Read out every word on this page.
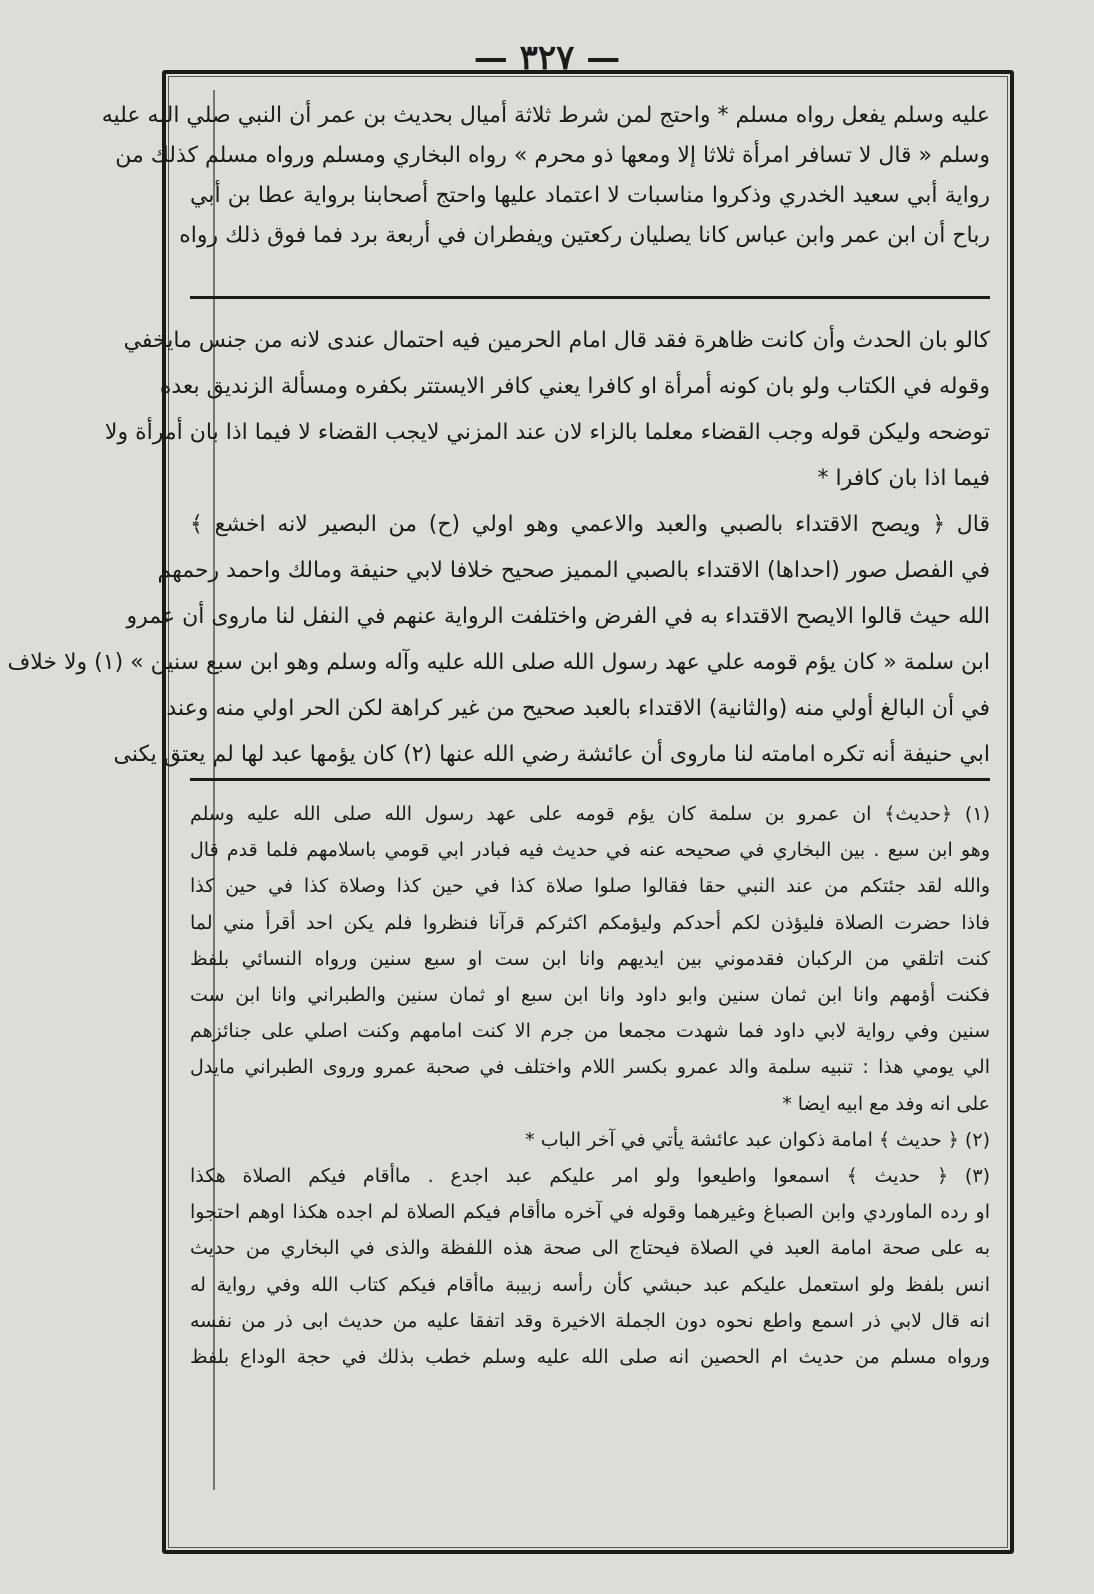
— ٣٢٧ —

عليه وسلم يفعل رواه مسلم * واحتج لمن شرط ثلاثة أميال بحديث بن عمر أن النبي صلي الله عليه

وسلم « قال لا تسافر امرأة ثلاثا إلا ومعها ذو محرم » رواه البخاري ومسلم ورواه مسلم كذلك من

رواية أبي سعيد الخدري وذكروا مناسبات لا اعتماد عليها واحتج أصحابنا برواية عطا بن أبي

رباح أن ابن عمر وابن عباس كانا يصليان ركعتين ويفطران في أربعة برد فما فوق ذلك رواه

كالو بان الحدث وأن كانت ظاهرة فقد قال امام الحرمين فيه احتمال عندى لانه من جنس مايخفي

وقوله في الكتاب ولو بان كونه أمرأة او كافرا يعني كافر الايستتر بكفره ومسألة الزنديق بعده

توضحه وليكن قوله وجب القضاء معلما بالزاء لان عند المزني لايجب القضاء لا فيما اذا بان أمرأة ولا

فيما اذا بان كافرا *

قال ﴿ ويصح الاقتداء بالصبي والعبد والاعمي وهو اولي (ح) من البصير لانه اخشع ﴾

في الفصل صور (احداها) الاقتداء بالصبي المميز صحيح خلافا لابي حنيفة ومالك واحمد رحمهم

الله حيث قالوا الايصح الاقتداء به في الفرض واختلفت الرواية عنهم في النفل لنا ماروى أن عمرو

ابن سلمة « كان يؤم قومه علي عهد رسول الله صلى الله عليه وآله وسلم وهو ابن سبع سنين » (١) ولا خلاف

في أن البالغ أولي منه (والثانية) الاقتداء بالعبد صحيح من غير كراهة لكن الحر اولي منه وعند

ابي حنيفة أنه تكره امامته لنا ماروى أن عائشة رضي الله عنها (٢) كان يؤمها عبد لها لم يعتق يكنى

(١) ﴿حديث﴾ ان عمرو بن سلمة كان يؤم قومه على عهد رسول الله صلى الله عليه وسلم

وهو ابن سبع . بين البخاري في صحيحه عنه في حديث فيه فبادر ابي قومي باسلامهم فلما قدم قال

والله لقد جئتكم من عند النبي حقا فقالوا صلوا صلاة كذا في حين كذا وصلاة كذا في حين كذا

فاذا حضرت الصلاة فليؤذن لكم أحدكم وليؤمكم اكثركم قرآنا فنظروا فلم يكن احد أقرأ مني لما

كنت اتلقي من الركبان فقدموني بين ايديهم وانا ابن ست او سبع سنين ورواه النسائي بلفظ

فكنت أؤمهم وانا ابن ثمان سنين وابو داود وانا ابن سبع او ثمان سنين والطبراني وانا ابن ست

سنين وفي رواية لابي داود فما شهدت مجمعا من جرم الا كنت امامهم وكنت اصلي على جنائزهم

الي يومي هذا : تنبيه سلمة والد عمرو بكسر اللام واختلف في صحبة عمرو وروى الطبراني مايدل

على انه وفد مع ابيه ايضا *

(٢) ﴿ حديث ﴾ امامة ذكوان عبد عائشة يأتي في آخر الباب *

(٣) ﴿ حديث ﴾ اسمعوا واطيعوا ولو امر عليكم عبد اجدع . ماأقام فيكم الصلاة هكذا

او رده الماوردي وابن الصباغ وغيرهما وقوله في آخره ماأقام فيكم الصلاة لم اجده هكذا اوهم احتجوا

به على صحة امامة العبد في الصلاة فيحتاج الى صحة هذه اللفظة والذى في البخاري من حديث

انس بلفظ ولو استعمل عليكم عبد حبشي كأن رأسه زبيبة ماأقام فيكم كتاب الله وفي رواية له

انه قال لابي ذر اسمع واطع نحوه دون الجملة الاخيرة وقد اتفقا عليه من حديث ابى ذر من نفسه

ورواه مسلم من حديث ام الحصين انه صلى الله عليه وسلم خطب بذلك في حجة الوداع بلفظ
